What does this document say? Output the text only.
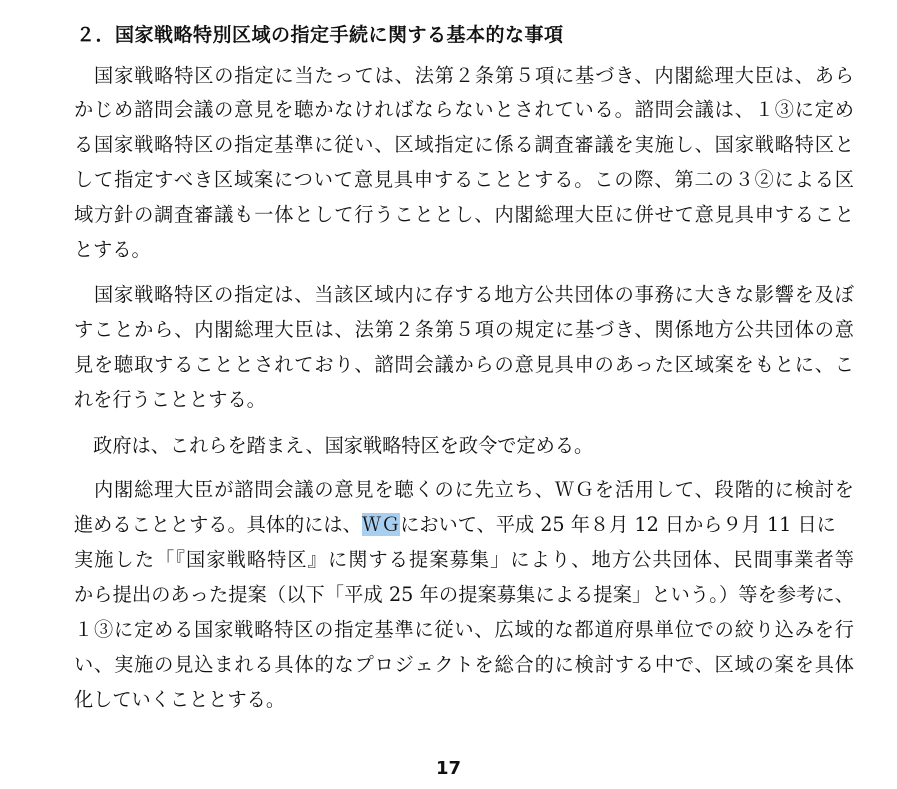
２．国家戦略特別区域の指定手続に関する基本的な事項
　国家戦略特区の指定に当たっては、法第２条第５項に基づき、内閣総理大臣は、あら
かじめ諮問会議の意見を聴かなければならないとされている。諮問会議は、１③に定め
る国家戦略特区の指定基準に従い、区域指定に係る調査審議を実施し、国家戦略特区と
して指定すべき区域案について意見具申することとする。この際、第二の３②による区
域方針の調査審議も一体として行うこととし、内閣総理大臣に併せて意見具申すること
とする。
　国家戦略特区の指定は、当該区域内に存する地方公共団体の事務に大きな影響を及ぼ
すことから、内閣総理大臣は、法第２条第５項の規定に基づき、関係地方公共団体の意
見を聴取することとされており、諮問会議からの意見具申のあった区域案をもとに、こ
れを行うこととする。
　政府は、これらを踏まえ、国家戦略特区を政令で定める。
　内閣総理大臣が諮問会議の意見を聴くのに先立ち、ＷＧを活用して、段階的に検討を
進めることとする。具体的には、ＷＧにおいて、平成 25 年８月 12 日から９月 11 日に
実施した「『国家戦略特区』に関する提案募集」により、地方公共団体、民間事業者等
から提出のあった提案（以下「平成 25 年の提案募集による提案」という。）等を参考に、
１③に定める国家戦略特区の指定基準に従い、広域的な都道府県単位での絞り込みを行
い、実施の見込まれる具体的なプロジェクトを総合的に検討する中で、区域の案を具体
化していくこととする。
17
